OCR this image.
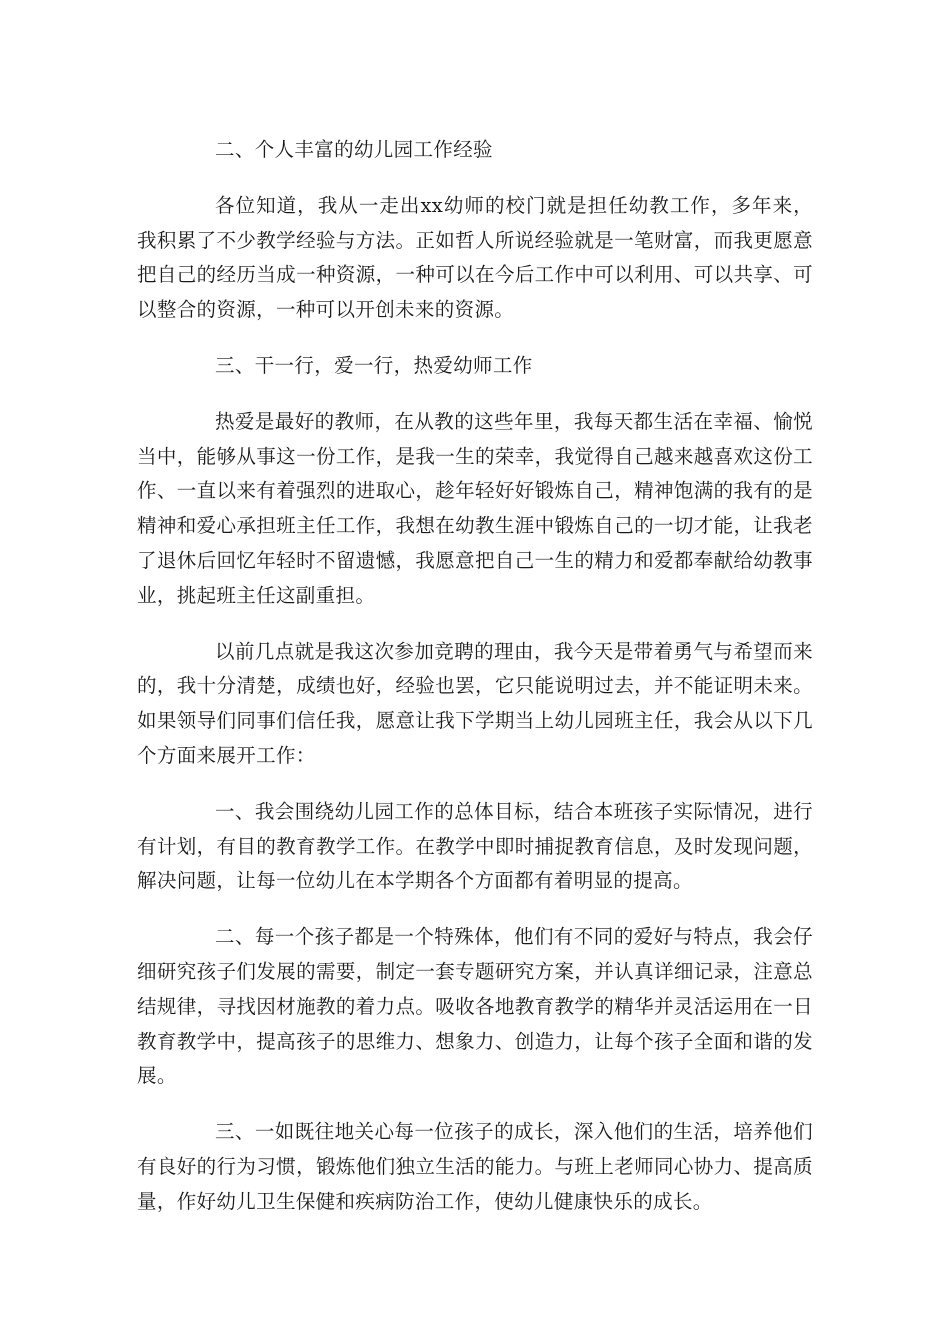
二、个人丰富的幼儿园工作经验

各位知道，我从一走出xx幼师的校门就是担任幼教工作，多年来，我积累了不少教学经验与方法。正如哲人所说经验就是一笔财富，而我更愿意把自己的经历当成一种资源，一种可以在今后工作中可以利用、可以共享、可以整合的资源，一种可以开创未来的资源。

三、干一行，爱一行，热爱幼师工作

热爱是最好的教师，在从教的这些年里，我每天都生活在幸福、愉悦当中，能够从事这一份工作，是我一生的荣幸，我觉得自己越来越喜欢这份工作、一直以来有着强烈的进取心，趁年轻好好锻炼自己，精神饱满的我有的是精神和爱心承担班主任工作，我想在幼教生涯中锻炼自己的一切才能，让我老了退休后回忆年轻时不留遗憾，我愿意把自己一生的精力和爱都奉献给幼教事业，挑起班主任这副重担。

以前几点就是我这次参加竞聘的理由，我今天是带着勇气与希望而来的，我十分清楚，成绩也好，经验也罢，它只能说明过去，并不能证明未来。如果领导们同事们信任我，愿意让我下学期当上幼儿园班主任，我会从以下几个方面来展开工作：

一、我会围绕幼儿园工作的总体目标，结合本班孩子实际情况，进行有计划，有目的教育教学工作。在教学中即时捕捉教育信息，及时发现问题，解决问题，让每一位幼儿在本学期各个方面都有着明显的提高。

二、每一个孩子都是一个特殊体，他们有不同的爱好与特点，我会仔细研究孩子们发展的需要，制定一套专题研究方案，并认真详细记录，注意总结规律，寻找因材施教的着力点。吸收各地教育教学的精华并灵活运用在一日教育教学中，提高孩子的思维力、想象力、创造力，让每个孩子全面和谐的发展。

三、一如既往地关心每一位孩子的成长，深入他们的生活，培养他们有良好的行为习惯，锻炼他们独立生活的能力。与班上老师同心协力、提高质量，作好幼儿卫生保健和疾病防治工作，使幼儿健康快乐的成长。
